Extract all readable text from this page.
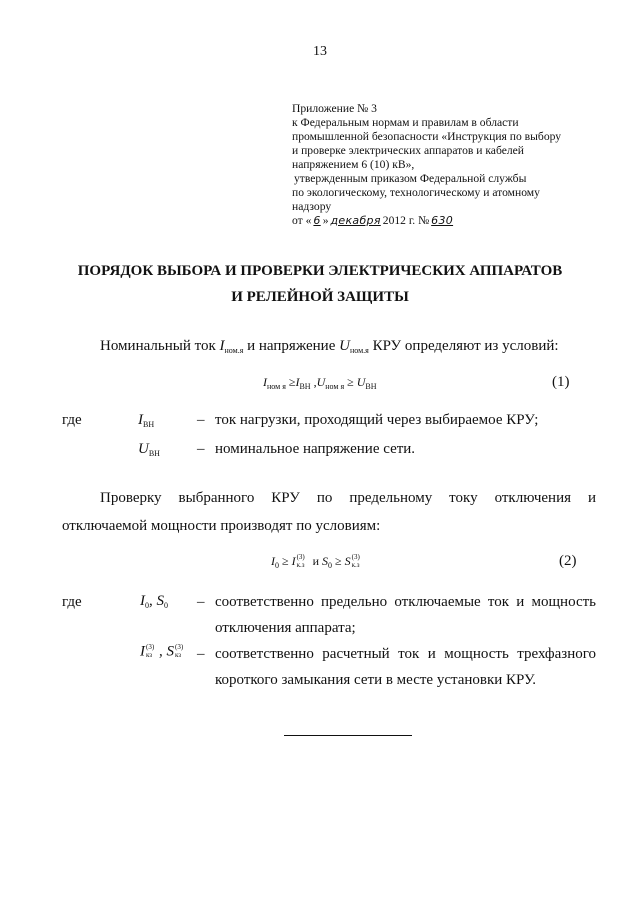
13
Приложение № 3
к Федеральным нормам и правилам в области
промышленной безопасности «Инструкция по выбору
и проверке электрических аппаратов и кабелей
напряжением 6 (10) кВ»,
утвержденным приказом Федеральной службы
по экологическому, технологическому и атомному
надзору
от « 6 » декабря 2012 г. № 630
ПОРЯДОК ВЫБОРА И ПРОВЕРКИ ЭЛЕКТРИЧЕСКИХ АППАРАТОВ
И РЕЛЕЙНОЙ ЗАЩИТЫ
Номинальный ток $I_{ном.я}$ и напряжение $U_{ном.я}$ КРУ определяют из условий:
$I_{ном я} \ge I_{ВН}$ $,U_{ном я} \ge U_{ВН}$	(1)
где	$I_{ВН}$	– ток нагрузки, проходящий через выбираемое КРУ;
$U_{ВН}$ – номинальное напряжение сети.
Проверку выбранного КРУ по предельному току отключения и
отключаемой мощности производят по условиям:
$I_0 \ge I$ (3)
к.з и $S_0 \ge S$ (3)
к.з	(2)
где	$I_0$, $S_0$ – соответственно предельно отключаемые ток и мощность
отключения аппарата;
I (3)
кз , S (3)
кз – соответственно расчетный ток и мощность трехфазного
короткого замыкания сети в месте установки КРУ.
